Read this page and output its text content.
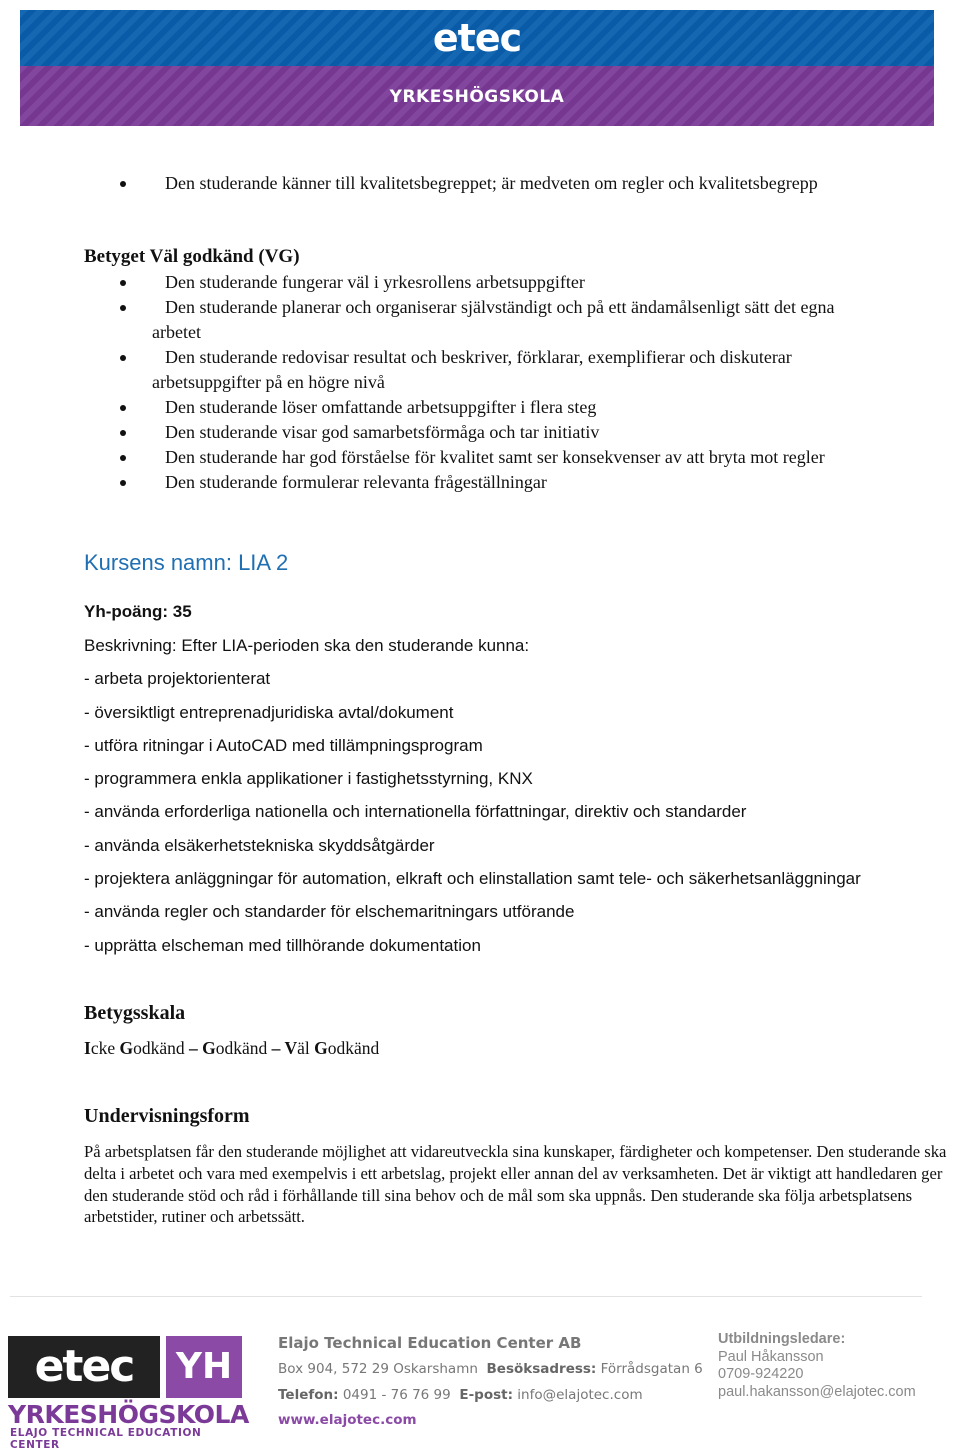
etec
YRKESHÖGSKOLA
Den studerande känner till kvalitetsbegreppet; är medveten om regler och kvalitetsbegrepp
Betyget Väl godkänd (VG)
Den studerande fungerar väl i yrkesrollens arbetsuppgifter
Den studerande planerar och organiserar självständigt och på ett ändamålsenligt sätt det egna
arbetet
Den studerande redovisar resultat och beskriver, förklarar, exemplifierar och diskuterar
arbetsuppgifter på en högre nivå
Den studerande löser omfattande arbetsuppgifter i flera steg
Den studerande visar god samarbetsförmåga och tar initiativ
Den studerande har god förståelse för kvalitet samt ser konsekvenser av att bryta mot regler
Den studerande formulerar relevanta frågeställningar
Kursens namn: LIA 2
Yh-poäng: 35
Beskrivning: Efter LIA-perioden ska den studerande kunna:
- arbeta projektorienterat
- översiktligt entreprenadjuridiska avtal/dokument
- utföra ritningar i AutoCAD med tillämpningsprogram
- programmera enkla applikationer i fastighetsstyrning, KNX
- använda erforderliga nationella och internationella författningar, direktiv och standarder
- använda elsäkerhetstekniska skyddsåtgärder
- projektera anläggningar för automation, elkraft och elinstallation samt tele- och säkerhetsanläggningar
- använda regler och standarder för elschemaritningars utförande
- upprätta elscheman med tillhörande dokumentation
Betygsskala
Icke Godkänd – Godkänd – Väl Godkänd
Undervisningsform

På arbetsplatsen får den studerande möjlighet att vidareutveckla sina kunskaper, färdigheter och kompetenser. Den studerande ska delta i arbetet och vara med exempelvis i ett arbetslag, projekt eller annan del av verksamheten. Det är viktigt att handledaren ger den studerande stöd och råd i förhållande till sina behov och de mål som ska uppnås. Den studerande ska följa arbetsplatsens arbetstider, rutiner och arbetssätt.

etec	YH
YRKESHÖGSKOLA
ELAJO TECHNICAL EDUCATION CENTER
Elajo Technical Education Center AB
Box 904, 572 29 Oskarshamn Besöksadress: Förrådsgatan 6
Telefon: 0491 - 76 76 99 E-post: info@elajotec.com
www.elajotec.com
Utbildningsledare:
Paul Håkansson
0709-924220
paul.hakansson@elajotec.com
